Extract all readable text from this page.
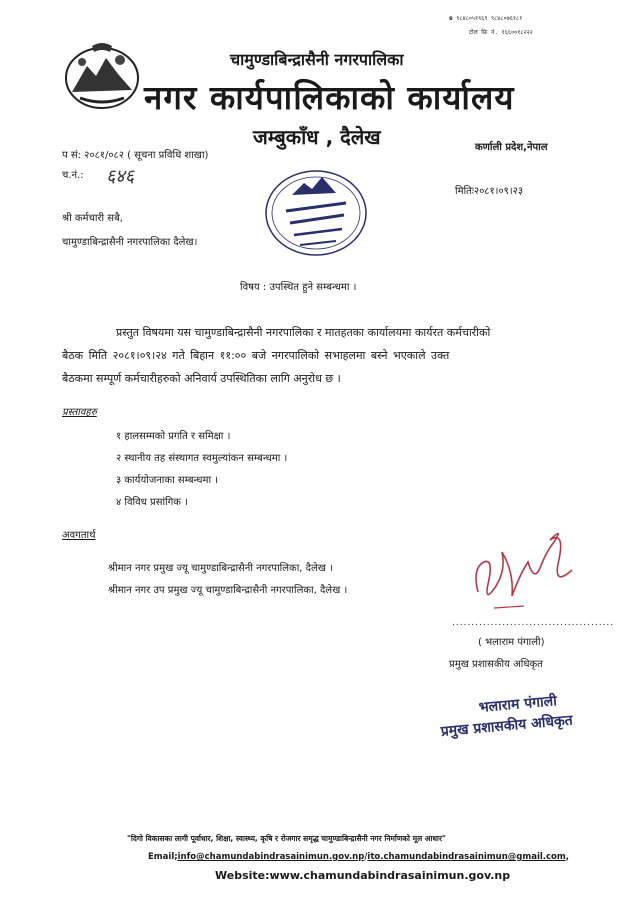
☎ ९८४८०५१९६९ ९८४८०७६१८१
टोल फ्रि नं. १६६००१८२२२
चामुण्डाबिन्द्रासैनी नगरपालिका
नगर कार्यपालिकाको कार्यालय
जम्बुकाँध , दैलेख	कर्णाली प्रदेश,नेपाल
प सं: २०८१/०८२ ( सूचना प्रविधि शाखा)
च.नं.: ६४६
मितिः२०८१।०९।२३
श्री कर्मचारी सबै,
चामुण्डाबिन्द्रासैनी नगरपालिका दैलेख।
विषय : उपस्थित हुने सम्बन्धमा ।
प्रस्तुत विषयमा यस चामुण्डाबिन्द्रासैनी नगरपालिका र मातहतका कार्यालयमा कार्यरत कर्मचारीको
बैठक मिति २०८१।०९।२४ गते बिहान ११:०० बजे नगरपालिको सभाहलमा बस्ने भएकाले उक्त
बैठकमा सम्पूर्ण कर्मचारीहरुको अनिवार्य उपस्थितिका लागि अनुरोध छ ।
प्रस्तावहरु
१ हालसम्मको प्रगति र समिक्षा ।
२ स्थानीय तह संस्थागत स्वमुल्यांकन सम्बन्धमा ।
३ कार्ययोजनाका सम्बन्धमा ।
४ विविध प्रसांगिक ।
अवगतार्थ
श्रीमान नगर प्रमुख ज्यू चामुण्डाबिन्द्रासैनी नगरपालिका, दैलेख ।
श्रीमान नगर उप प्रमुख ज्यू चामुण्डाबिन्द्रासैनी नगरपालिका, दैलेख ।
..........................................
( भलाराम पंगाली)
प्रमुख प्रशासकीय अधिकृत
भलाराम पंगाली
प्रमुख प्रशासकीय अधिकृत
"दिगो विकासका लागी पूर्वाधार, शिक्षा, स्वास्थ्य, कृषि र रोजगार समृद्ध चामुण्डाबिन्द्रासैनी नगर निर्माणको मूल आधार"
Email;info@chamundabindrasainimun.gov.np/ito.chamundabindrasainimun@gmail.com,
Website:www.chamundabindrasainimun.gov.np
